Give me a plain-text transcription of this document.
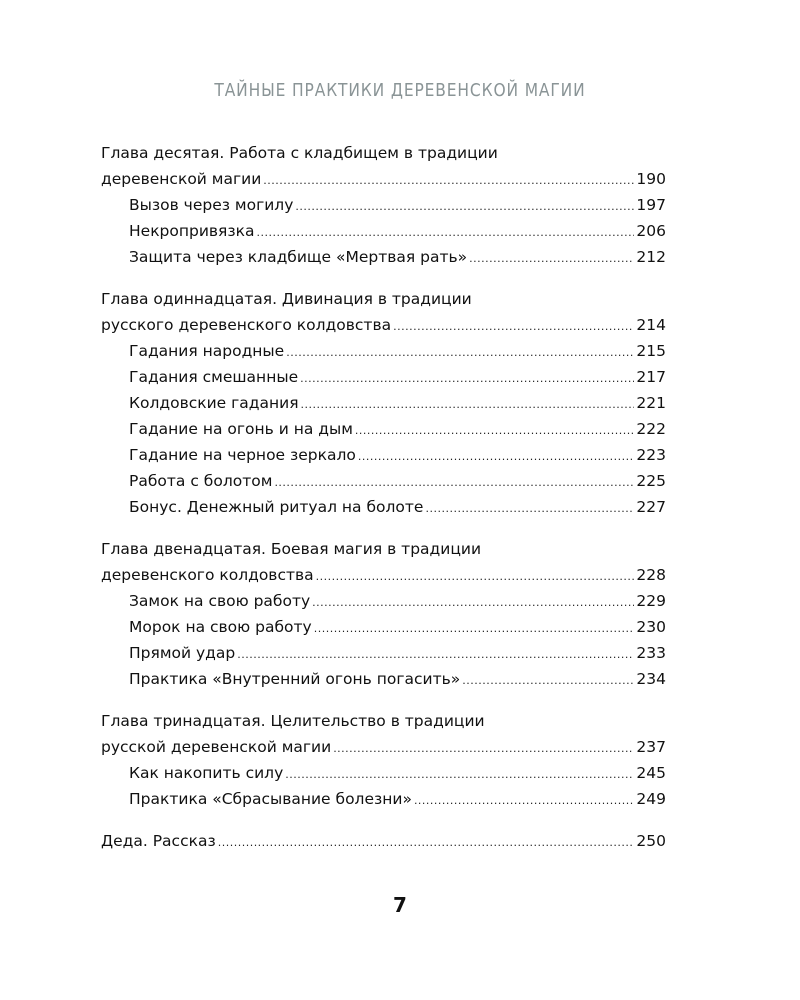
ТАЙНЫЕ ПРАКТИКИ ДЕРЕВЕНСКОЙ МАГИИ
Глава десятая. Работа с кладбищем в традиции
деревенской магии .....	190
Вызов через могилу .....	197
Некропривязка .....	206
Защита через кладбище «Мертвая рать» .....	212
Глава одиннадцатая. Дивинация в традиции
русского деревенского колдовства .....	214
Гадания народные .....	215
Гадания смешанные .....	217
Колдовские гадания .....	221
Гадание на огонь и на дым .....	222
Гадание на черное зеркало .....	223
Работа с болотом .....	225
Бонус. Денежный ритуал на болоте .....	227
Глава двенадцатая. Боевая магия в традиции
деревенского колдовства .....	228
Замок на свою работу .....	229
Морок на свою работу .....	230
Прямой удар .....	233
Практика «Внутренний огонь погасить» .....	234
Глава тринадцатая. Целительство в традиции
русской деревенской магии .....	237
Как накопить силу .....	245
Практика «Сбрасывание болезни» .....	249
Деда. Рассказ .....	250
7
